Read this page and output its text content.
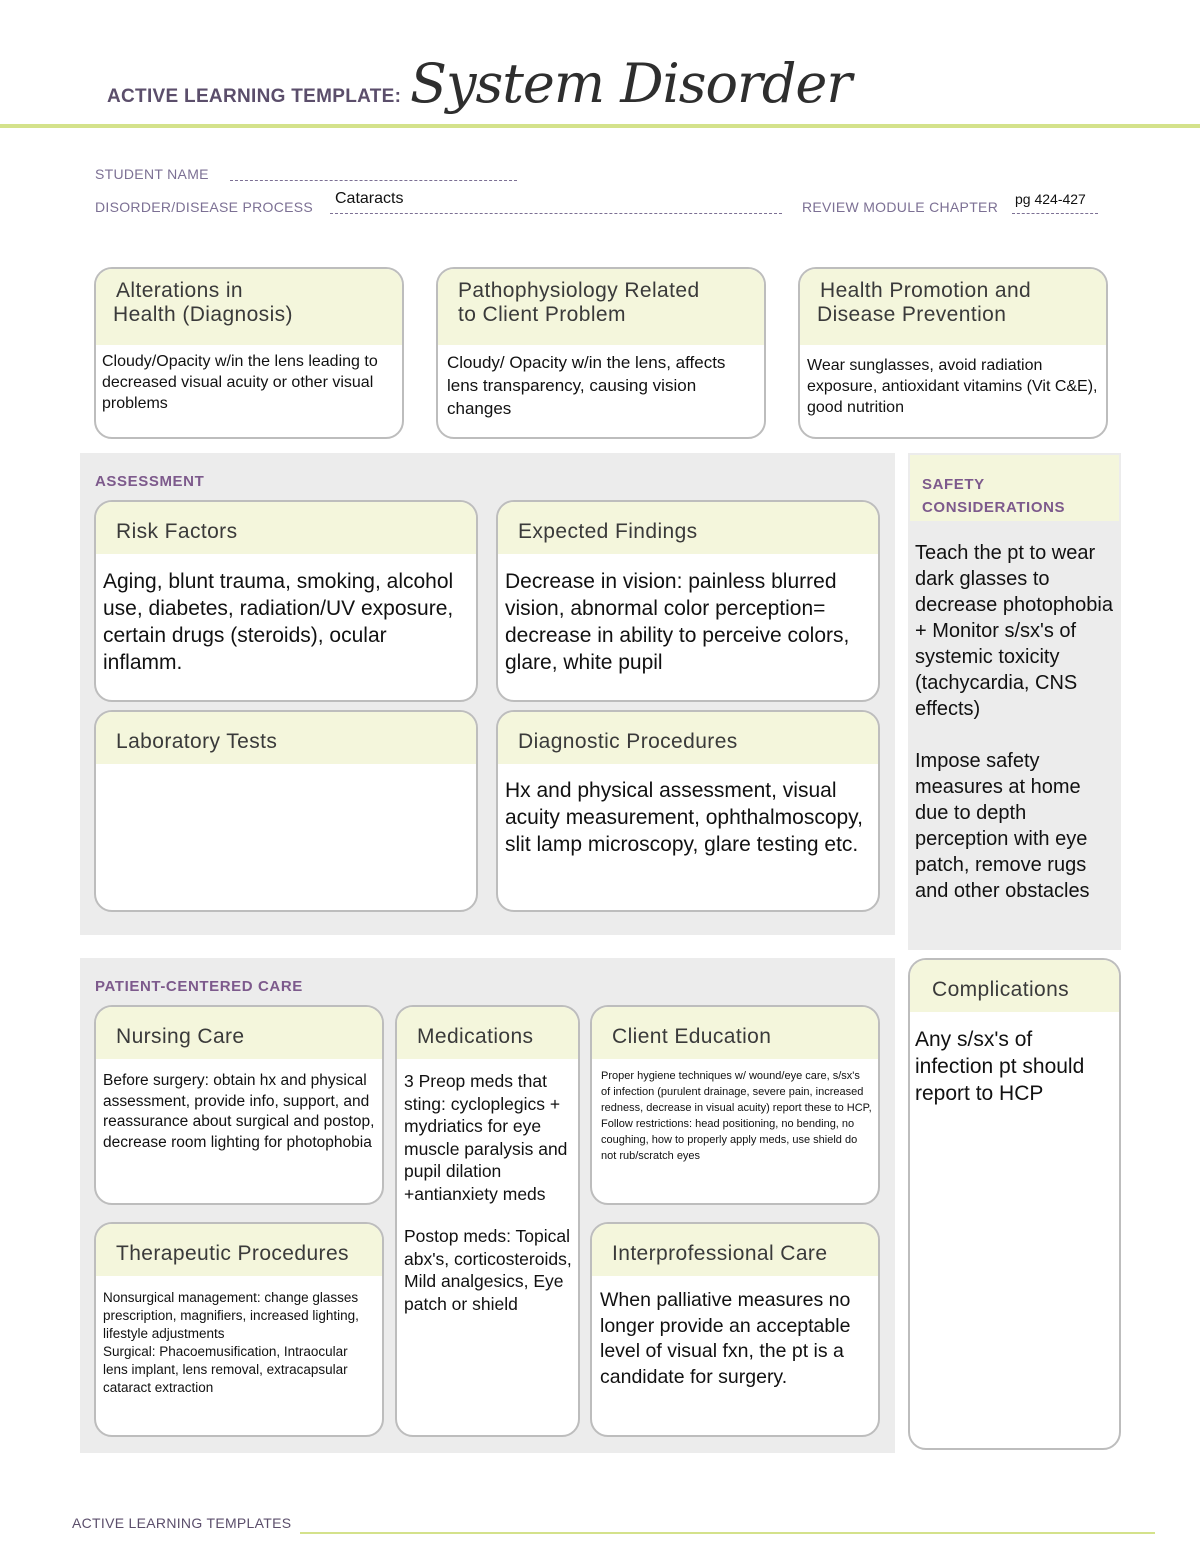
ACTIVE LEARNING TEMPLATE: System Disorder
STUDENT NAME
DISORDER/DISEASE PROCESS Cataracts	REVIEW MODULE CHAPTER pg 424-427
Alterations in
Health (Diagnosis)
Cloudy/Opacity w/in the lens leading to decreased visual acuity or other visual problems
Pathophysiology Related
to Client Problem
Cloudy/ Opacity w/in the lens, affects lens transparency, causing vision changes
Health Promotion and
Disease Prevention
Wear sunglasses, avoid radiation exposure, antioxidant vitamins (Vit C&E), good nutrition
ASSESSMENT
Risk Factors
Aging, blunt trauma, smoking, alcohol use, diabetes, radiation/UV exposure, certain drugs (steroids), ocular inflamm.
Expected Findings
Decrease in vision: painless blurred vision, abnormal color perception= decrease in ability to perceive colors, glare, white pupil
Laboratory Tests	Diagnostic Procedures
Hx and physical assessment, visual acuity measurement, ophthalmoscopy, slit lamp microscopy, glare testing etc.
SAFETY
CONSIDERATIONS
Teach the pt to wear dark glasses to decrease photophobia + Monitor s/sx's of systemic toxicity (tachycardia, CNS effects)
Impose safety measures at home due to depth perception with eye patch, remove rugs and other obstacles
PATIENT-CENTERED CARE
Nursing Care
Before surgery: obtain hx and physical assessment, provide info, support, and reassurance about surgical and postop, decrease room lighting for photophobia
Medications
3 Preop meds that sting: cycloplegics + mydriatics for eye muscle paralysis and pupil dilation +antianxiety meds
Postop meds: Topical abx's, corticosteroids, Mild analgesics, Eye patch or shield
Client Education
Proper hygiene techniques w/ wound/eye care, s/sx's of infection (purulent drainage, severe pain, increased redness, decrease in visual acuity) report these to HCP, Follow restrictions: head positioning, no bending, no coughing, how to properly apply meds, use shield do not rub/scratch eyes
Therapeutic Procedures
Nonsurgical management: change glasses prescription, magnifiers, increased lighting, lifestyle adjustments
Surgical: Phacoemusification, Intraocular lens implant, lens removal, extracapsular cataract extraction
Interprofessional Care
When palliative measures no longer provide an acceptable level of visual fxn, the pt is a candidate for surgery.
Complications
Any s/sx's of infection pt should report to HCP
ACTIVE LEARNING TEMPLATES
